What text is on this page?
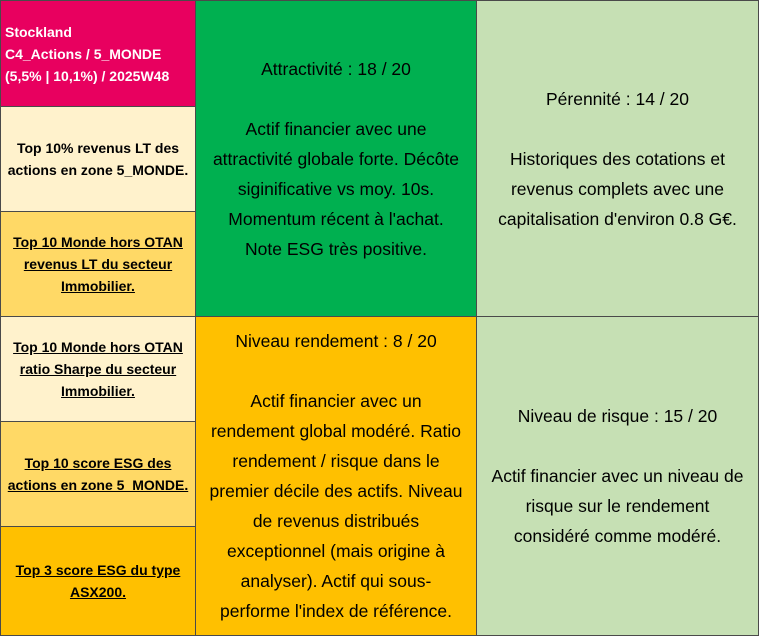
Stockland
C4_Actions / 5_MONDE
(5,5% | 10,1%) / 2025W48
Top 10% revenus LT des
actions en zone 5_MONDE.
Top 10 Monde hors OTAN
revenus LT du secteur
Immobilier.
Top 10 Monde hors OTAN
ratio Sharpe du secteur
Immobilier.
Top 10 score ESG des
actions en zone 5_MONDE.
Top 3 score ESG du type
ASX200.

Attractivité : 18 / 20

Actif financier avec une

attractivité globale forte. Décôte

siginificative vs moy. 10s.

Momentum récent à l'achat.

Note ESG très positive.

Pérennité : 14 / 20

Historiques des cotations et

revenus complets avec une

capitalisation d'environ 0.8 G€.

Niveau rendement : 8 / 20

Actif financier avec un

rendement global modéré. Ratio

rendement / risque dans le

premier décile des actifs. Niveau

de revenus distribués

exceptionnel (mais origine à

analyser). Actif qui sous-

performe l'index de référence.

Niveau de risque : 15 / 20

Actif financier avec un niveau de

risque sur le rendement

considéré comme modéré.
